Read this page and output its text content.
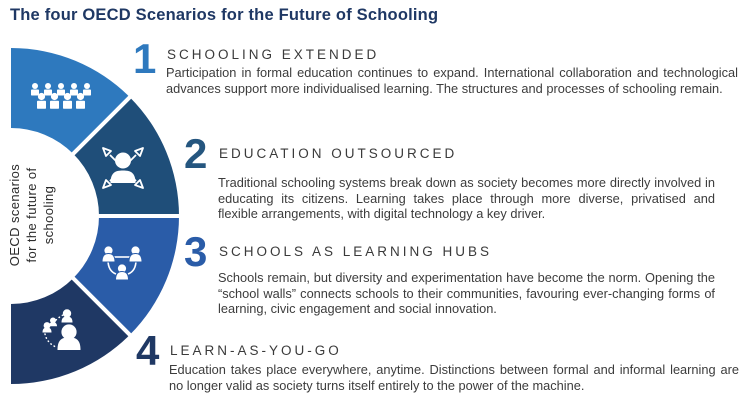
The four OECD Scenarios for the Future of Schooling
OECD scenarios for the future of schooling
1 SCHOOLING EXTENDED
Participation in formal education continues to expand. International collaboration and technological advances support more individualised learning. The structures and processes of schooling remain.
2 EDUCATION OUTSOURCED
Traditional schooling systems break down as society becomes more directly involved in educating its citizens. Learning takes place through more diverse, privatised and flexible arrangements, with digital technology a key driver.
3 SCHOOLS AS LEARNING HUBS
Schools remain, but diversity and experimentation have become the norm. Opening the “school walls” connects schools to their communities, favouring ever-changing forms of learning, civic engagement and social innovation.
4 LEARN-AS-YOU-GO
Education takes place everywhere, anytime. Distinctions between formal and informal learning are no longer valid as society turns itself entirely to the power of the machine.
